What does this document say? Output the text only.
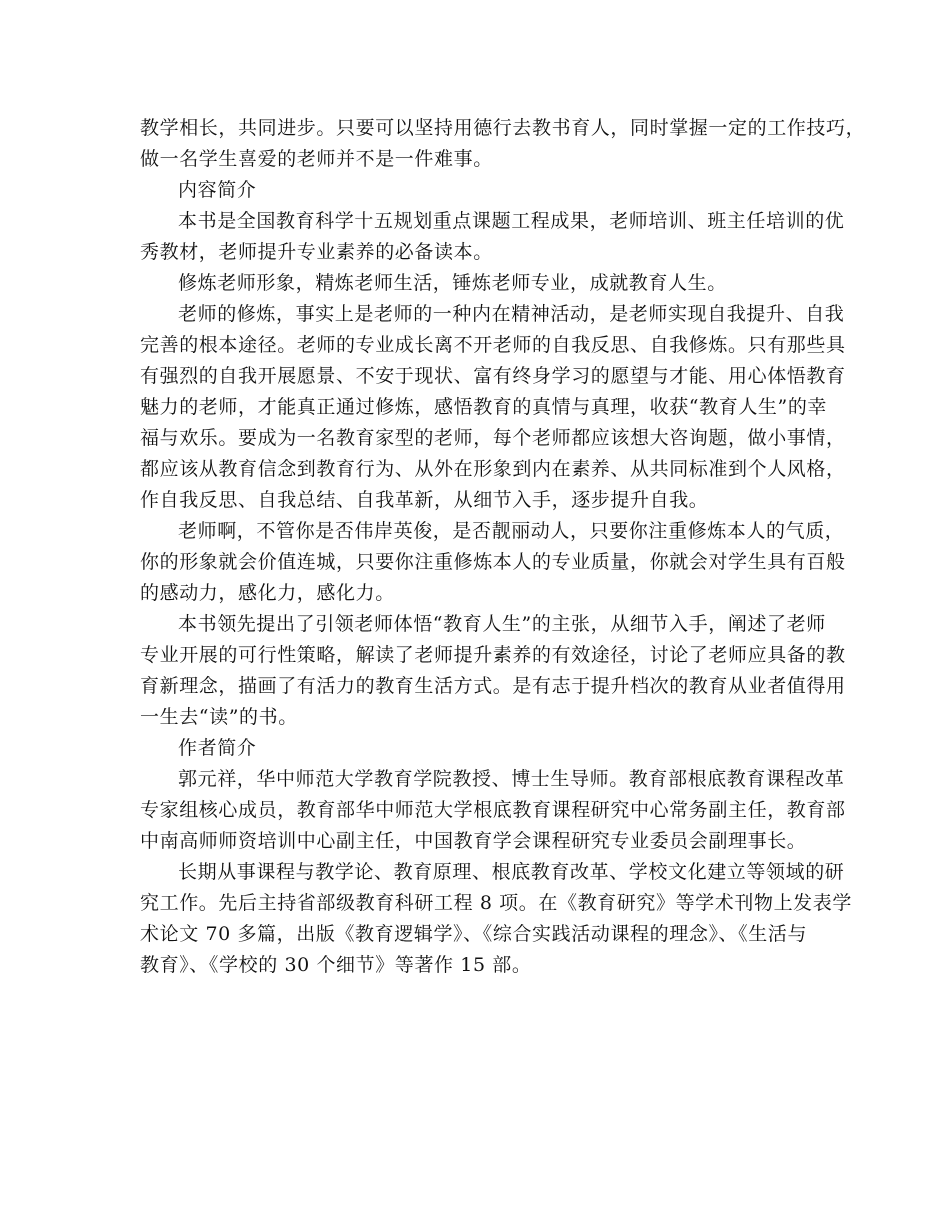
教学相长，共同进步。只要可以坚持用德行去教书育人，同时掌握一定的工作技巧，
做一名学生喜爱的老师并不是一件难事。
内容简介
本书是全国教育科学十五规划重点课题工程成果，老师培训、班主任培训的优
秀教材，老师提升专业素养的必备读本。
修炼老师形象，精炼老师生活，锤炼老师专业，成就教育人生。
老师的修炼，事实上是老师的一种内在精神活动，是老师实现自我提升、自我
完善的根本途径。老师的专业成长离不开老师的自我反思、自我修炼。只有那些具
有强烈的自我开展愿景、不安于现状、富有终身学习的愿望与才能、用心体悟教育
魅力的老师，才能真正通过修炼，感悟教育的真情与真理，收获“教育人生”的幸
福与欢乐。要成为一名教育家型的老师，每个老师都应该想大咨询题，做小事情，
都应该从教育信念到教育行为、从外在形象到内在素养、从共同标准到个人风格，
作自我反思、自我总结、自我革新，从细节入手，逐步提升自我。
老师啊，不管你是否伟岸英俊，是否靓丽动人，只要你注重修炼本人的气质，
你的形象就会价值连城，只要你注重修炼本人的专业质量，你就会对学生具有百般
的感动力，感化力，感化力。
本书领先提出了引领老师体悟“教育人生”的主张，从细节入手，阐述了老师
专业开展的可行性策略，解读了老师提升素养的有效途径，讨论了老师应具备的教
育新理念，描画了有活力的教育生活方式。是有志于提升档次的教育从业者值得用
一生去“读”的书。
作者简介
郭元祥，华中师范大学教育学院教授、博士生导师。教育部根底教育课程改革
专家组核心成员，教育部华中师范大学根底教育课程研究中心常务副主任，教育部
中南高师师资培训中心副主任，中国教育学会课程研究专业委员会副理事长。
长期从事课程与教学论、教育原理、根底教育改革、学校文化建立等领域的研
究工作。先后主持省部级教育科研工程 8 项。在《教育研究》等学术刊物上发表学
术论文 70 多篇，出版《教育逻辑学》、《综合实践活动课程的理念》、《生活与
教育》、《学校的 30 个细节》等著作 15 部。
